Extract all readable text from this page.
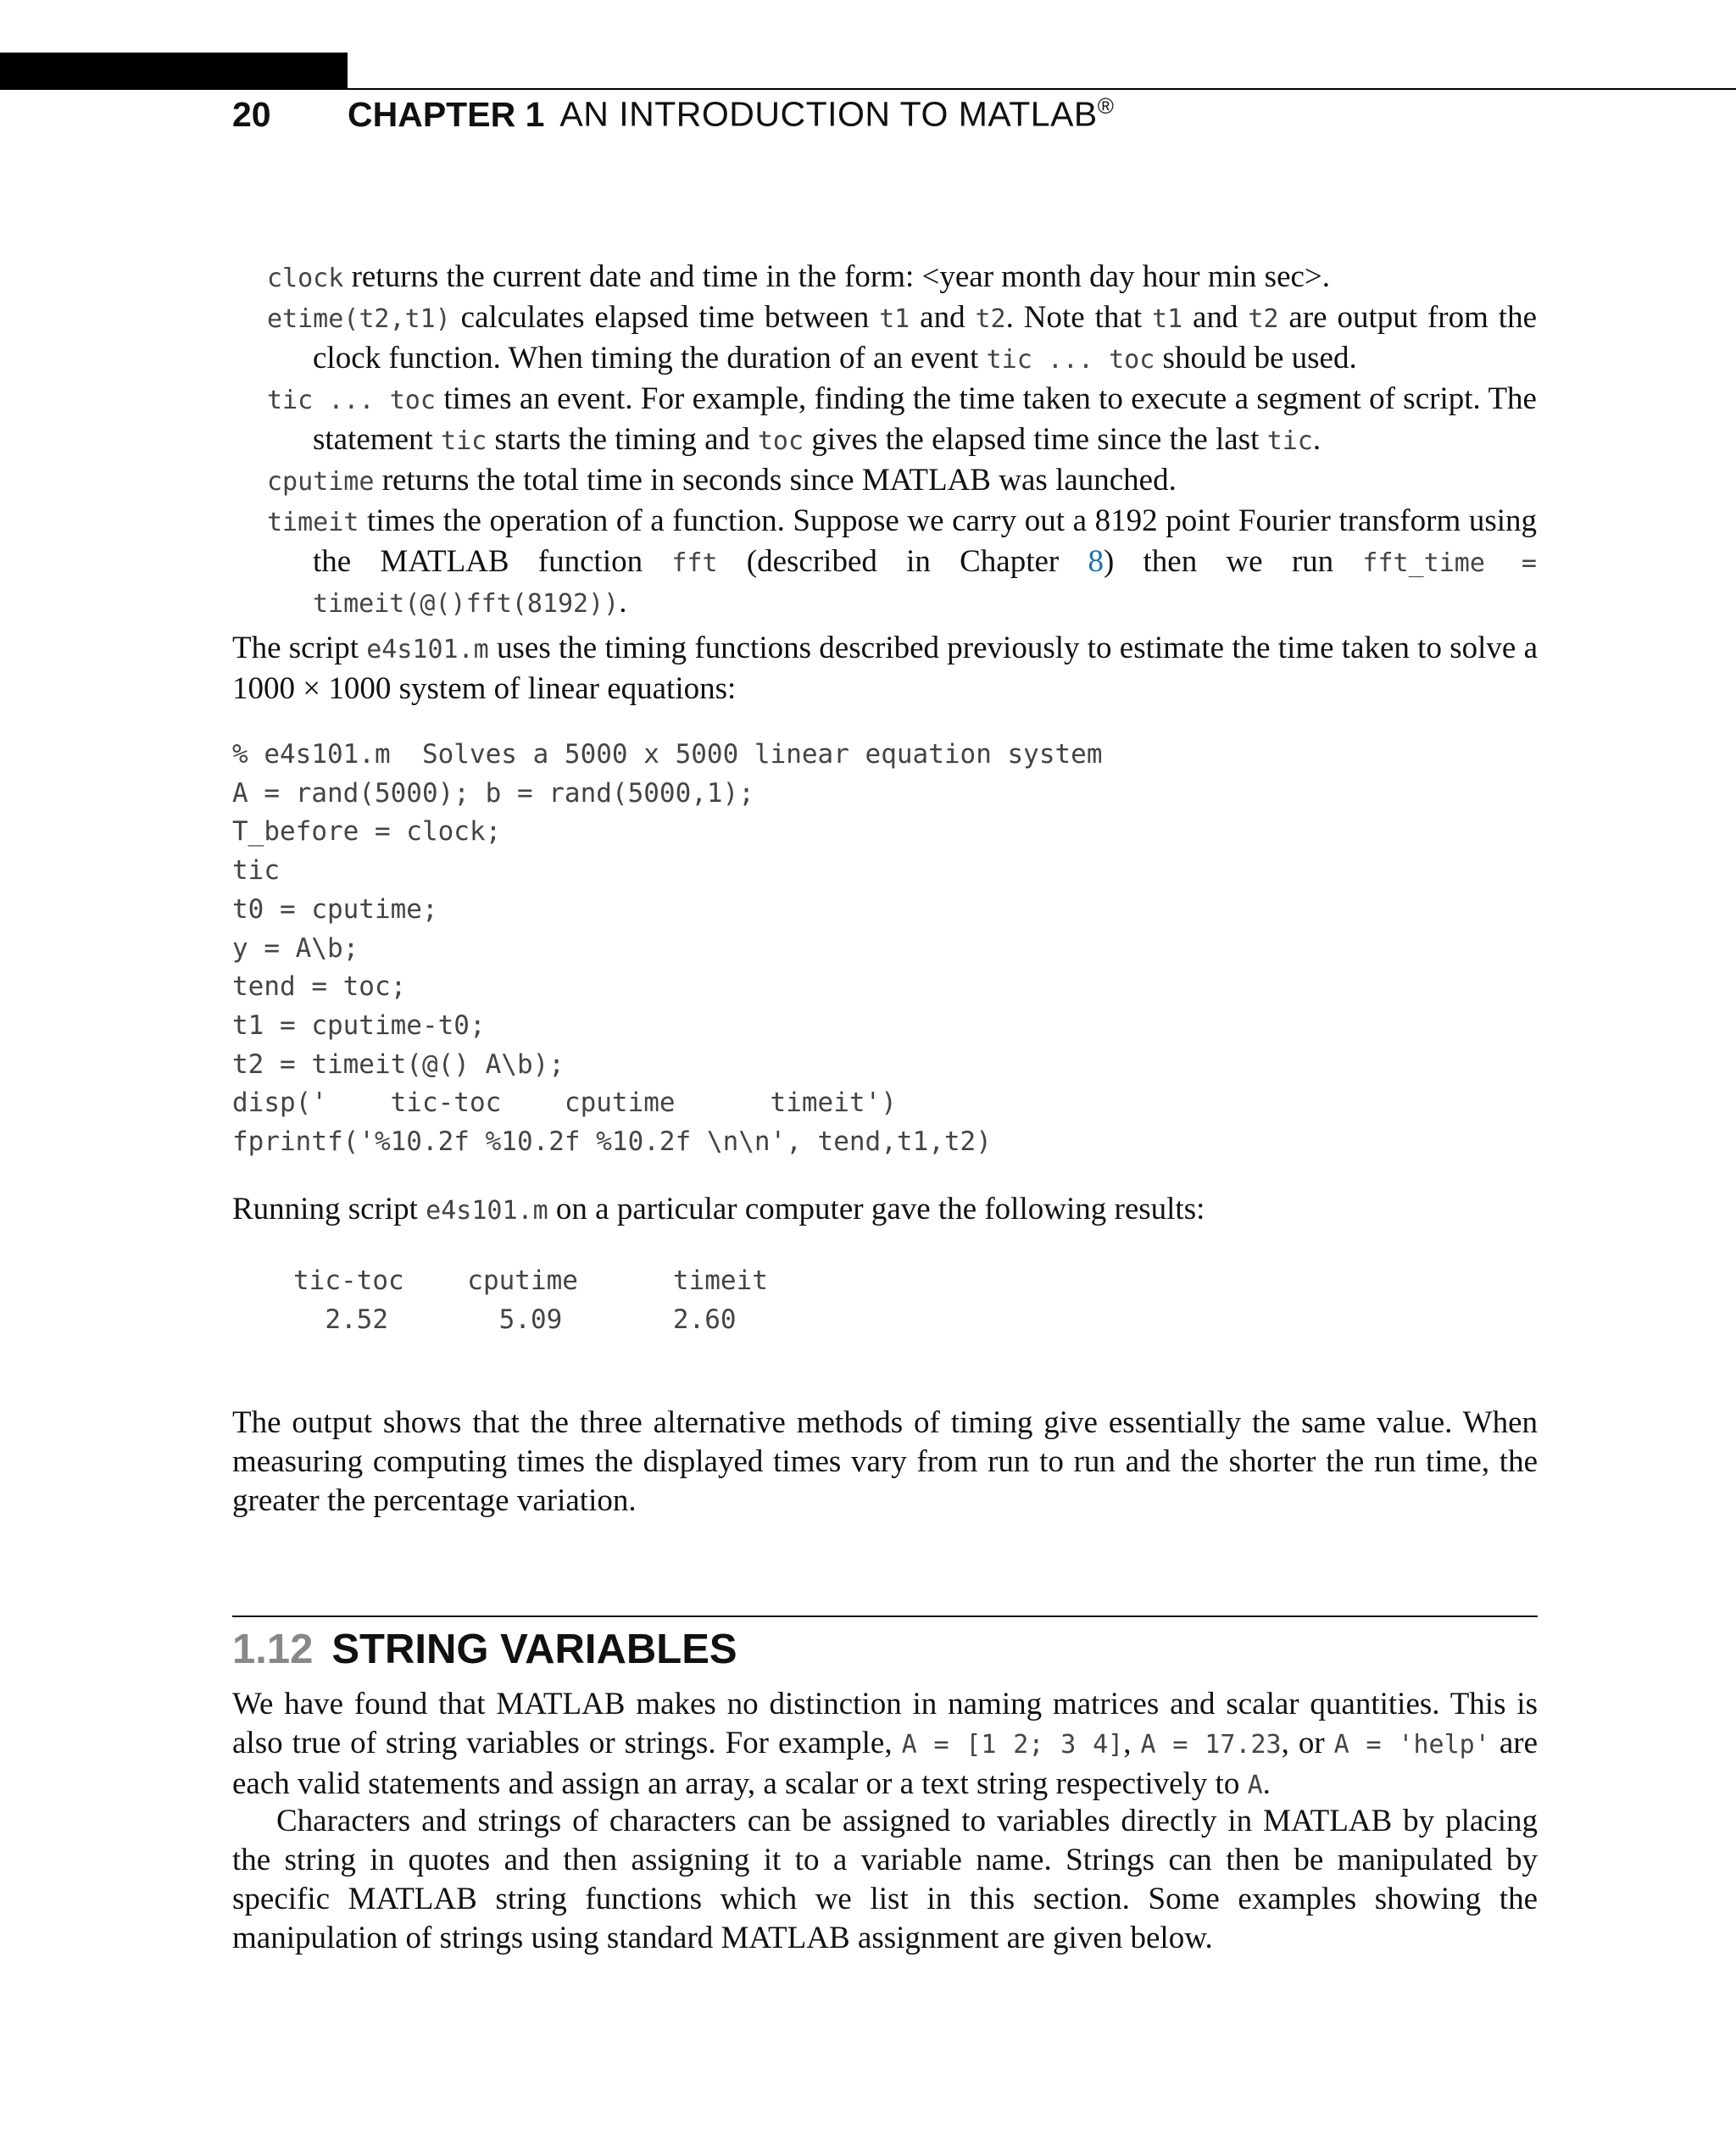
20	CHAPTER 1 AN INTRODUCTION TO MATLAB®

clock returns the current date and time in the form: <year month day hour min sec>.

etime(t2,t1) calculates elapsed time between t1 and t2. Note that t1 and t2 are output from the clock function. When timing the duration of an event tic ... toc should be used.

tic ... toc times an event. For example, finding the time taken to execute a segment of script. The statement tic starts the timing and toc gives the elapsed time since the last tic.

cputime returns the total time in seconds since MATLAB was launched.

timeit times the operation of a function. Suppose we carry out a 8192 point Fourier transform using the MATLAB function fft (described in Chapter 8) then we run fft_time = timeit(@()fft(8192)).

The script e4s101.m uses the timing functions described previously to estimate the time taken to solve a 1000 × 1000 system of linear equations:

% e4s101.m  Solves a 5000 x 5000 linear equation system
A = rand(5000); b = rand(5000,1);
T_before = clock;
tic
t0 = cputime;
y = A\b;
tend = toc;
t1 = cputime-t0;
t2 = timeit(@() A\b);
disp('    tic-toc    cputime      timeit')
fprintf('%10.2f %10.2f %10.2f \n\n', tend,t1,t2)

Running script e4s101.m on a particular computer gave the following results:

tic-toc    cputime      timeit
2.52       5.09       2.60

The output shows that the three alternative methods of timing give essentially the same value. When measuring computing times the displayed times vary from run to run and the shorter the run time, the greater the percentage variation.

1.12 STRING VARIABLES

We have found that MATLAB makes no distinction in naming matrices and scalar quantities. This is also true of string variables or strings. For example, A = [1 2; 3 4], A = 17.23, or A = 'help' are each valid statements and assign an array, a scalar or a text string respectively to A.

Characters and strings of characters can be assigned to variables directly in MATLAB by placing the string in quotes and then assigning it to a variable name. Strings can then be manipulated by specific MATLAB string functions which we list in this section. Some examples showing the manipulation of strings using standard MATLAB assignment are given below.
